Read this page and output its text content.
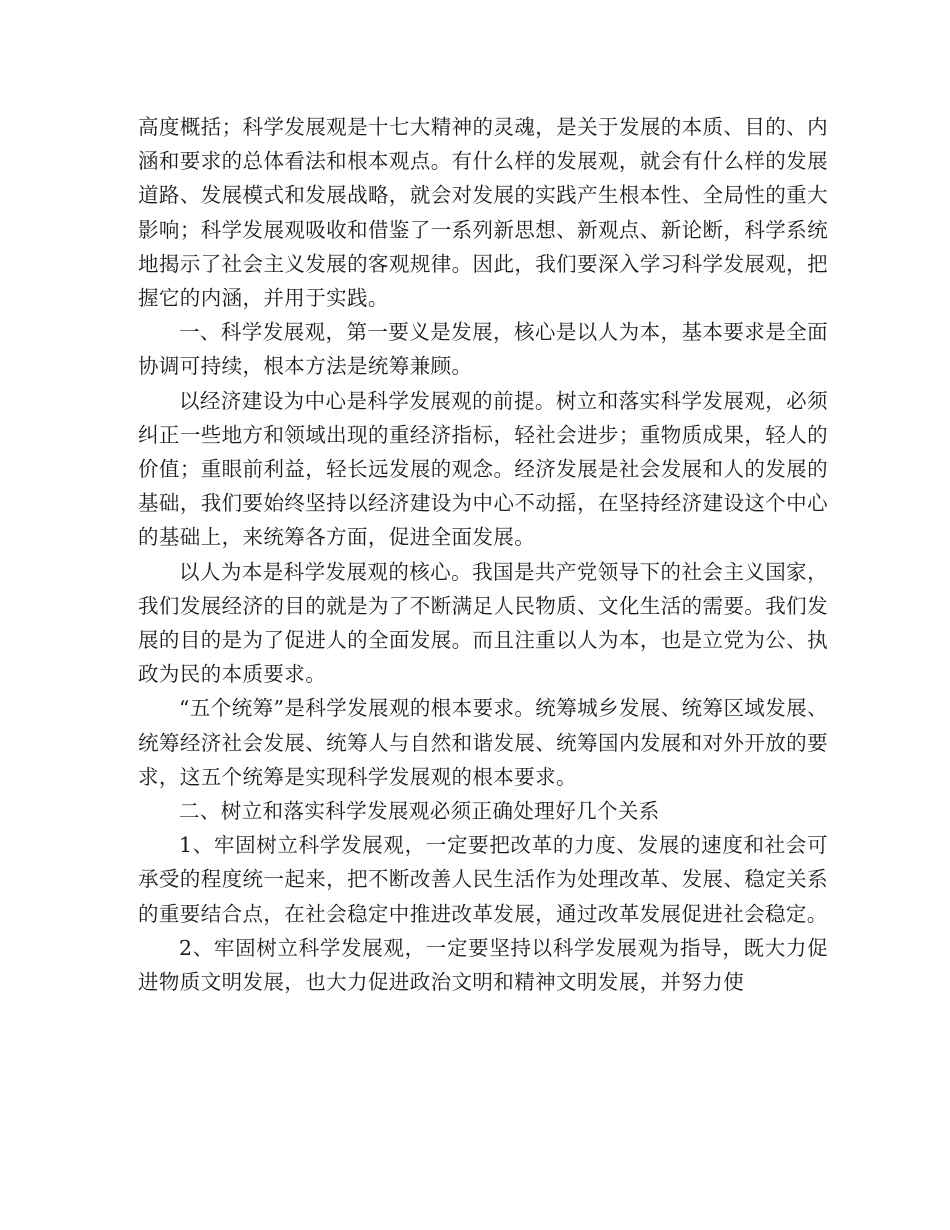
高度概括；科学发展观是十七大精神的灵魂，是关于发展的本质、目的、内涵和要求的总体看法和根本观点。有什么样的发展观，就会有什么样的发展道路、发展模式和发展战略，就会对发展的实践产生根本性、全局性的重大影响；科学发展观吸收和借鉴了一系列新思想、新观点、新论断，科学系统地揭示了社会主义发展的客观规律。因此，我们要深入学习科学发展观，把握它的内涵，并用于实践。

一、科学发展观，第一要义是发展，核心是以人为本，基本要求是全面协调可持续，根本方法是统筹兼顾。

以经济建设为中心是科学发展观的前提。树立和落实科学发展观，必须纠正一些地方和领域出现的重经济指标，轻社会进步；重物质成果，轻人的价值；重眼前利益，轻长远发展的观念。经济发展是社会发展和人的发展的基础，我们要始终坚持以经济建设为中心不动摇，在坚持经济建设这个中心的基础上，来统筹各方面，促进全面发展。

以人为本是科学发展观的核心。我国是共产党领导下的社会主义国家，我们发展经济的目的就是为了不断满足人民物质、文化生活的需要。我们发展的目的是为了促进人的全面发展。而且注重以人为本，也是立党为公、执政为民的本质要求。

“五个统筹”是科学发展观的根本要求。统筹城乡发展、统筹区域发展、统筹经济社会发展、统筹人与自然和谐发展、统筹国内发展和对外开放的要求，这五个统筹是实现科学发展观的根本要求。

二、树立和落实科学发展观必须正确处理好几个关系

1、牢固树立科学发展观，一定要把改革的力度、发展的速度和社会可承受的程度统一起来，把不断改善人民生活作为处理改革、发展、稳定关系的重要结合点，在社会稳定中推进改革发展，通过改革发展促进社会稳定。

2、牢固树立科学发展观，一定要坚持以科学发展观为指导，既大力促进物质文明发展，也大力促进政治文明和精神文明发展，并努力使
